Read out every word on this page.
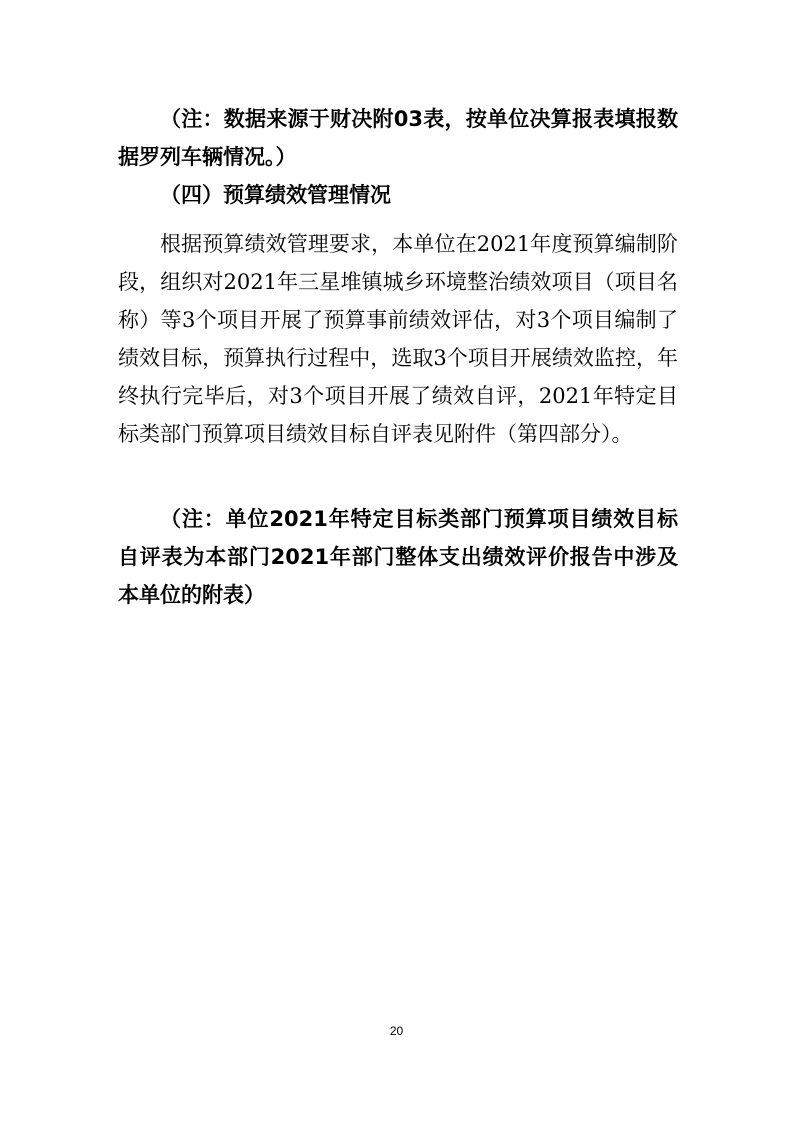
（注：数据来源于财决附03表，按单位决算报表填报数据罗列车辆情况。）

（四）预算绩效管理情况

根据预算绩效管理要求，本单位在2021年度预算编制阶段，组织对2021年三星堆镇城乡环境整治绩效项目（项目名称）等3个项目开展了预算事前绩效评估，对3个项目编制了绩效目标，预算执行过程中，选取3个项目开展绩效监控，年终执行完毕后，对3个项目开展了绩效自评，2021年特定目标类部门预算项目绩效目标自评表见附件（第四部分）。

（注：单位2021年特定目标类部门预算项目绩效目标自评表为本部门2021年部门整体支出绩效评价报告中涉及本单位的附表）

20
